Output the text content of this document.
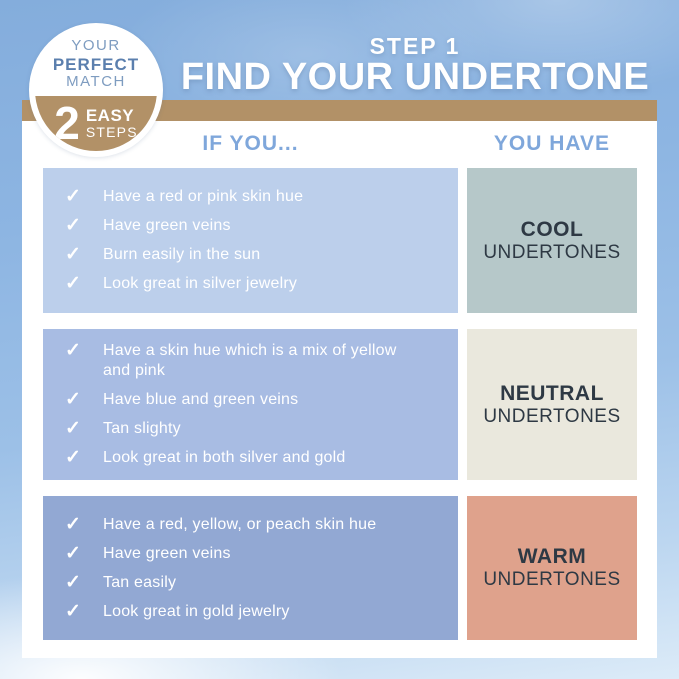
YOUR
PERFECT
MATCH
2 EASY
STEPS
STEP 1
FIND YOUR UNDERTONE
IF YOU...	YOU HAVE
✓	Have a red or pink skin hue
✓	Have green veins
✓	Burn easily in the sun
✓	Look great in silver jewelry
COOL
UNDERTONES
✓	Have a skin hue which is a mix of yellow and pink
✓	Have blue and green veins
✓	Tan slighty
✓	Look great in both silver and gold
NEUTRAL
UNDERTONES
✓	Have a red, yellow, or peach skin hue
✓	Have green veins
✓	Tan easily
✓	Look great in gold jewelry
WARM
UNDERTONES
